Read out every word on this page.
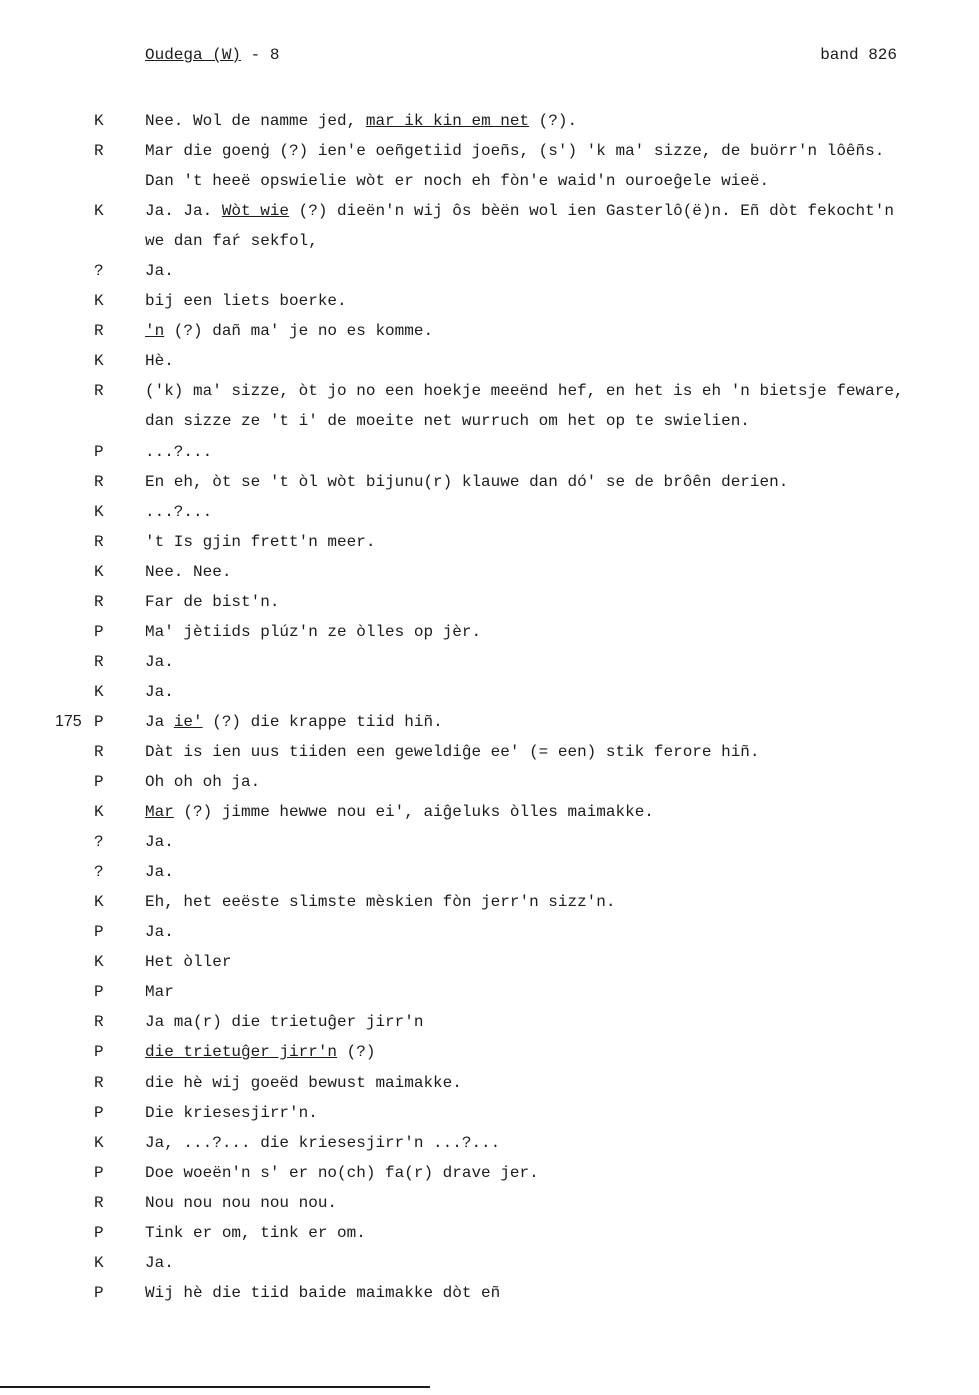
Oudega (W) - 8	band 826
K	Nee. Wol de namme jed, mar ik kin em net (?).
R	Mar die goenġ (?) ien'e oeñgetiid joeñs, (s') 'k ma' sizze, de buörr'n lôêñs.
Dan 't heeë opswielie wòt er noch eh fòn'e waid'n ouroeĝele wieë.
K	Ja. Ja. Wòt wie (?) dieën'n wij ôs bèën wol ien Gasterlô(ë)n. Eñ dòt fekocht'n
we dan faŕ sekfol,
?	Ja.
K	bij een liets boerke.
R	'n (?) dañ ma' je no es komme.
K	Hè.
R	('k) ma' sizze, òt jo no een hoekje meeënd hef, en het is eh 'n bietsje feware,
dan sizze ze 't i' de moeite net wurruch om het op te swielien.
P	...?...
R	En eh, òt se 't òl wòt bijunu(r) klauwe dan dó' se de brôên derien.
K	...?...
R	't Is gjin frett'n meer.
K	Nee. Nee.
R	Far de bist'n.
P	Ma' jètiids plúz'n ze òlles op jèr.
R	Ja.
K	Ja.
175 P	Ja ie' (?) die krappe tiid hiñ.
R	Dàt is ien uus tiiden een geweldiĝe ee' (= een) stik ferore hiñ.
P	Oh oh oh ja.
K	Mar (?) jimme hewwe nou ei', aiĝeluks òlles maimakke.
?	Ja.
?	Ja.
K	Eh, het eeëste slimste mèskien fòn jerr'n sizz'n.
P	Ja.
K	Het òller
P	Mar
R	Ja ma(r) die trietuĝer jirr'n
P	die trietuĝer jirr'n (?)
R	die hè wij goeëd bewust maimakke.
P	Die kriesesjirr'n.
K	Ja, ...?... die kriesesjirr'n ...?...
P	Doe woeën'n s' er no(ch) fa(r) drave jer.
R	Nou nou nou nou nou.
P	Tink er om, tink er om.
K	Ja.
P	Wij hè die tiid baide maimakke dòt eñ
